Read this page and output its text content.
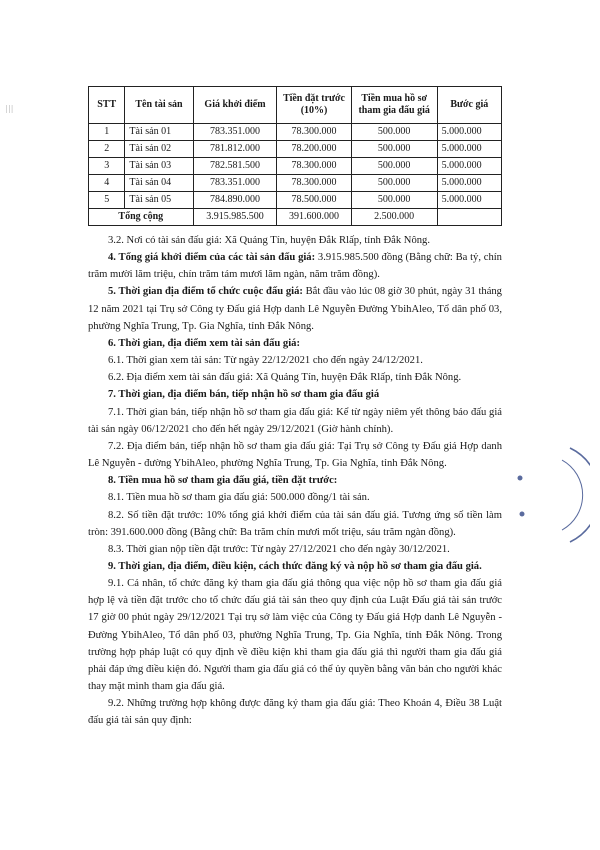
|||	STT	Tên tài sản	Giá khởi điểm	Tiền đặt trước (10%)	Tiền mua hồ sơ tham gia đấu giá	Bước giá
1	Tài sản 01	783.351.000	78.300.000	500.000	5.000.000
2	Tài sản 02	781.812.000	78.200.000	500.000	5.000.000
3	Tài sản 03	782.581.500	78.300.000	500.000	5.000.000
4	Tài sản 04	783.351.000	78.300.000	500.000	5.000.000
5	Tài sản 05	784.890.000	78.500.000	500.000	5.000.000
Tổng cộng		3.915.985.500	391.600.000	2.500.000	

3.2. Nơi có tài sản đấu giá: Xã Quảng Tín, huyện Đắk Rlấp, tỉnh Đắk Nông.

4. Tổng giá khởi điểm của các tài sản đấu giá: 3.915.985.500 đồng (Bằng chữ: Ba tỷ, chín trăm mười lăm triệu, chín trăm tám mươi lăm ngàn, năm trăm đồng).

5. Thời gian địa điểm tổ chức cuộc đấu giá: Bắt đầu vào lúc 08 giờ 30 phút, ngày 31 tháng 12 năm 2021 tại Trụ sở Công ty Đấu giá Hợp danh Lê Nguyễn Đường YbihAleo, Tổ dân phố 03, phường Nghĩa Trung, Tp. Gia Nghĩa, tỉnh Đắk Nông.

6. Thời gian, địa điểm xem tài sản đấu giá:

6.1. Thời gian xem tài sản: Từ ngày 22/12/2021 cho đến ngày 24/12/2021.

6.2. Địa điểm xem tài sản đấu giá: Xã Quảng Tín, huyện Đắk Rlấp, tỉnh Đắk Nông.

7. Thời gian, địa điểm bán, tiếp nhận hồ sơ tham gia đấu giá

7.1. Thời gian bán, tiếp nhận hồ sơ tham gia đấu giá: Kể từ ngày niêm yết thông báo đấu giá tài sản ngày 06/12/2021 cho đến hết ngày 29/12/2021 (Giờ hành chính).

7.2. Địa điểm bán, tiếp nhận hồ sơ tham gia đấu giá: Tại Trụ sở Công ty Đấu giá Hợp danh Lê Nguyễn - đường YbihAleo, phường Nghĩa Trung, Tp. Gia Nghĩa, tỉnh Đắk Nông.

8. Tiền mua hồ sơ tham gia đấu giá, tiền đặt trước:

8.1. Tiền mua hồ sơ tham gia đấu giá: 500.000 đồng/1 tài sản.

8.2. Số tiền đặt trước: 10% tổng giá khởi điểm của tài sản đấu giá. Tương ứng số tiền làm tròn: 391.600.000 đồng (Bằng chữ: Ba trăm chín mươi mốt triệu, sáu trăm ngàn đồng).

8.3. Thời gian nộp tiền đặt trước: Từ ngày 27/12/2021 cho đến ngày 30/12/2021.

9. Thời gian, địa điểm, điều kiện, cách thức đăng ký và nộp hồ sơ tham gia đấu giá.

9.1. Cá nhân, tổ chức đăng ký tham gia đấu giá thông qua việc nộp hồ sơ tham gia đấu giá hợp lệ và tiền đặt trước cho tổ chức đấu giá tài sản theo quy định của Luật Đấu giá tài sản trước 17 giờ 00 phút ngày 29/12/2021 Tại trụ sở làm việc của Công ty Đấu giá Hợp danh Lê Nguyễn - Đường YbihAleo, Tổ dân phố 03, phường Nghĩa Trung, Tp. Gia Nghĩa, tỉnh Đắk Nông. Trong trường hợp pháp luật có quy định về điều kiện khi tham gia đấu giá thì người tham gia đấu giá phải đáp ứng điều kiện đó. Người tham gia đấu giá có thể ủy quyền bằng văn bản cho người khác thay mặt mình tham gia đấu giá.

9.2. Những trường hợp không được đăng ký tham gia đấu giá: Theo Khoản 4, Điều 38 Luật đấu giá tài sản quy định:
